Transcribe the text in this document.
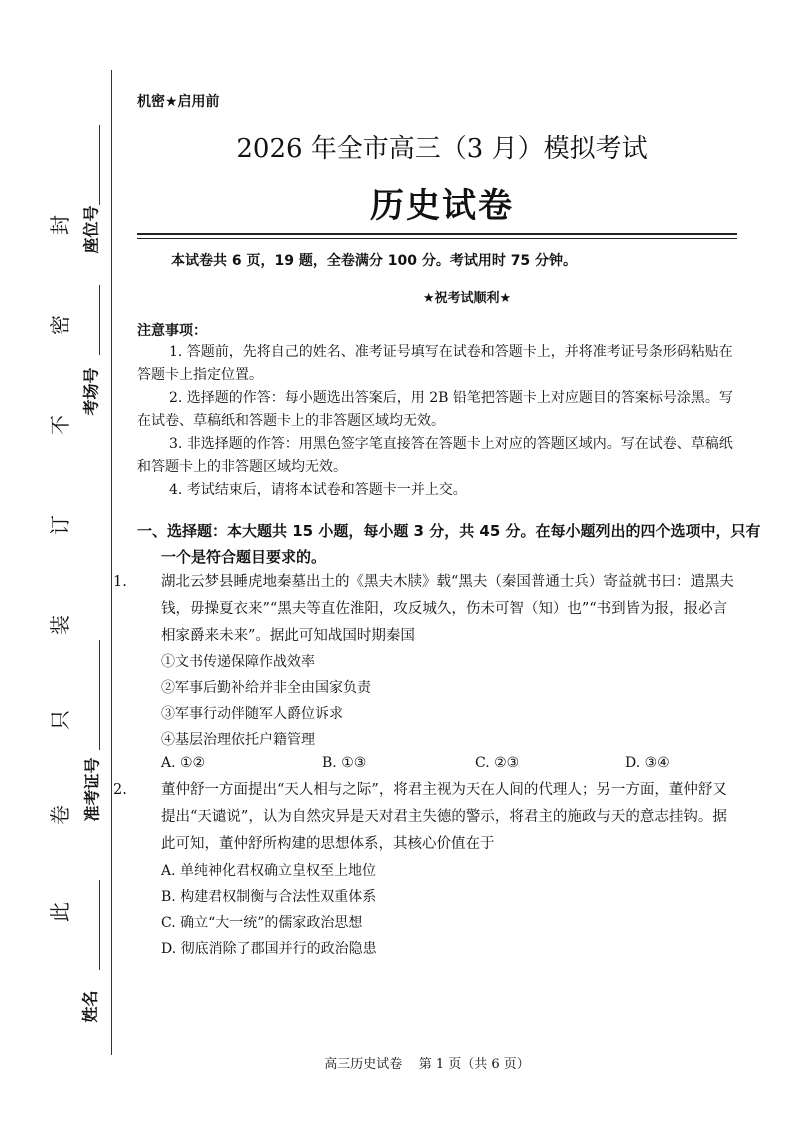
封
密
不
订
装
只
卷
此
座位号
考场号
准考证号
姓名
机密★启用前
2026 年全市高三（3 月）模拟考试
历史试卷
本试卷共 6 页，19 题，全卷满分 100 分。考试用时 75 分钟。
★祝考试顺利★
注意事项：
1. 答题前，先将自己的姓名、准考证号填写在试卷和答题卡上，并将准考证号条形码粘贴在答题卡上指定位置。
2. 选择题的作答：每小题选出答案后，用 2B 铅笔把答题卡上对应题目的答案标号涂黑。写在试卷、草稿纸和答题卡上的非答题区域均无效。
3. 非选择题的作答：用黑色签字笔直接答在答题卡上对应的答题区域内。写在试卷、草稿纸和答题卡上的非答题区域均无效。
4. 考试结束后，请将本试卷和答题卡一并上交。
一、选择题：本大题共 15 小题，每小题 3 分，共 45 分。在每小题列出的四个选项中，只有一个是符合题目要求的。
1. 湖北云梦县睡虎地秦墓出土的《黑夫木牍》载“黑夫（秦国普通士兵）寄益就书曰：遣黑夫钱，毋操夏衣来”“黑夫等直佐淮阳，攻反城久，伤未可智（知）也”“书到皆为报，报必言相家爵来未来”。据此可知战国时期秦国
①文书传递保障作战效率
②军事后勤补给并非全由国家负责
③军事行动伴随军人爵位诉求
④基层治理依托户籍管理
A. ①②	B. ①③	C. ②③	D. ③④
2. 董仲舒一方面提出“天人相与之际”，将君主视为天在人间的代理人；另一方面，董仲舒又提出“天谴说”，认为自然灾异是天对君主失德的警示，将君主的施政与天的意志挂钩。据此可知，董仲舒所构建的思想体系，其核心价值在于
A. 单纯神化君权确立皇权至上地位
B. 构建君权制衡与合法性双重体系
C. 确立“大一统”的儒家政治思想
D. 彻底消除了郡国并行的政治隐患
高三历史试卷    第 1 页（共 6 页）
